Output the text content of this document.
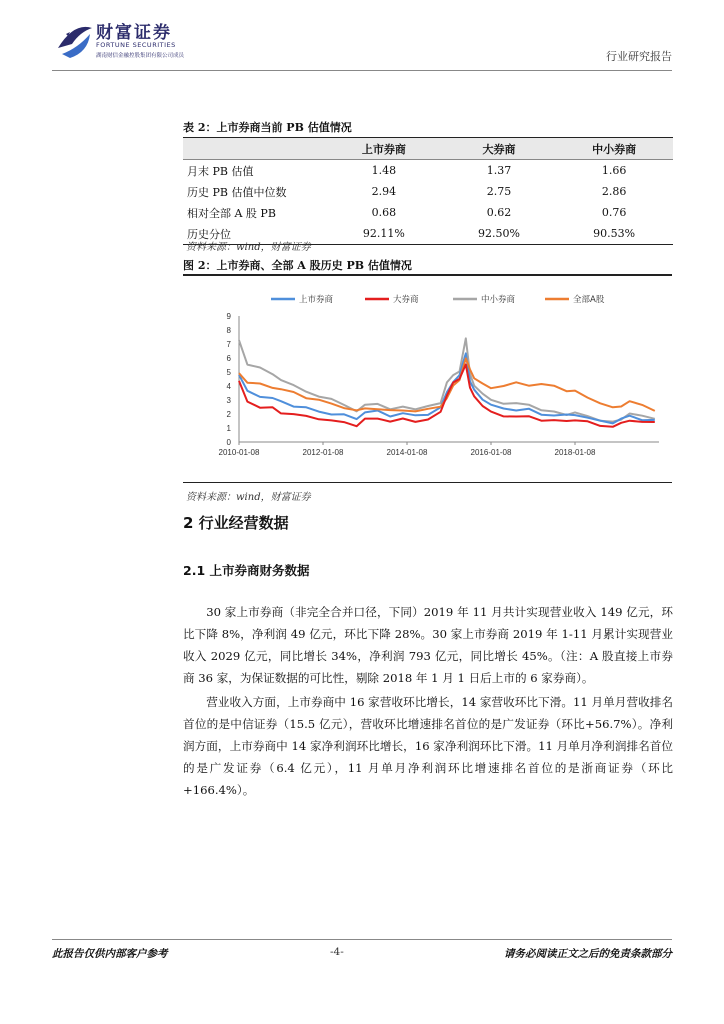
财富证券
FORTUNE SECURITIES
湖南财信金融控股集团有限公司成员	行业研究报告
表 2：上市券商当前 PB 估值情况
	上市券商	大券商	中小券商
月末 PB 估值	1.48	1.37	1.66
历史 PB 估值中位数	2.94	2.75	2.86
相对全部 A 股 PB	0.68	0.62	0.76
历史分位	92.11%	92.50%	90.53%
资料来源：wind，财富证券
图 2：上市券商、全部 A 股历史 PB 估值情况
0
1
2
3
4
5
6
7
8
9
2010-01-08	2012-01-08	2014-01-08	2016-01-08	2018-01-08
上市券商	大券商	中小券商	全部A股
资料来源：wind，财富证券
2 行业经营数据
2.1 上市券商财务数据
30 家上市券商（非完全合并口径，下同）2019 年 11 月共计实现营业收入 149 亿元，环比下降 8%，净利润 49 亿元，环比下降 28%。30 家上市券商 2019 年 1-11 月累计实现营业收入 2029 亿元，同比增长 34%，净利润 793 亿元，同比增长 45%。（注：A 股直接上市券商 36 家，为保证数据的可比性，剔除 2018 年 1 月 1 日后上市的 6 家券商）。
营业收入方面，上市券商中 16 家营收环比增长，14 家营收环比下滑。11 月单月营收排名首位的是中信证券（15.5 亿元），营收环比增速排名首位的是广发证券（环比+56.7%）。净利润方面，上市券商中 14 家净利润环比增长，16 家净利润环比下滑。11 月单月净利润排名首位的是广发证券（6.4 亿元），11 月单月净利润环比增速排名首位的是浙商证券（环比+166.4%）。
此报告仅供内部客户参考	-4-	请务必阅读正文之后的免责条款部分
